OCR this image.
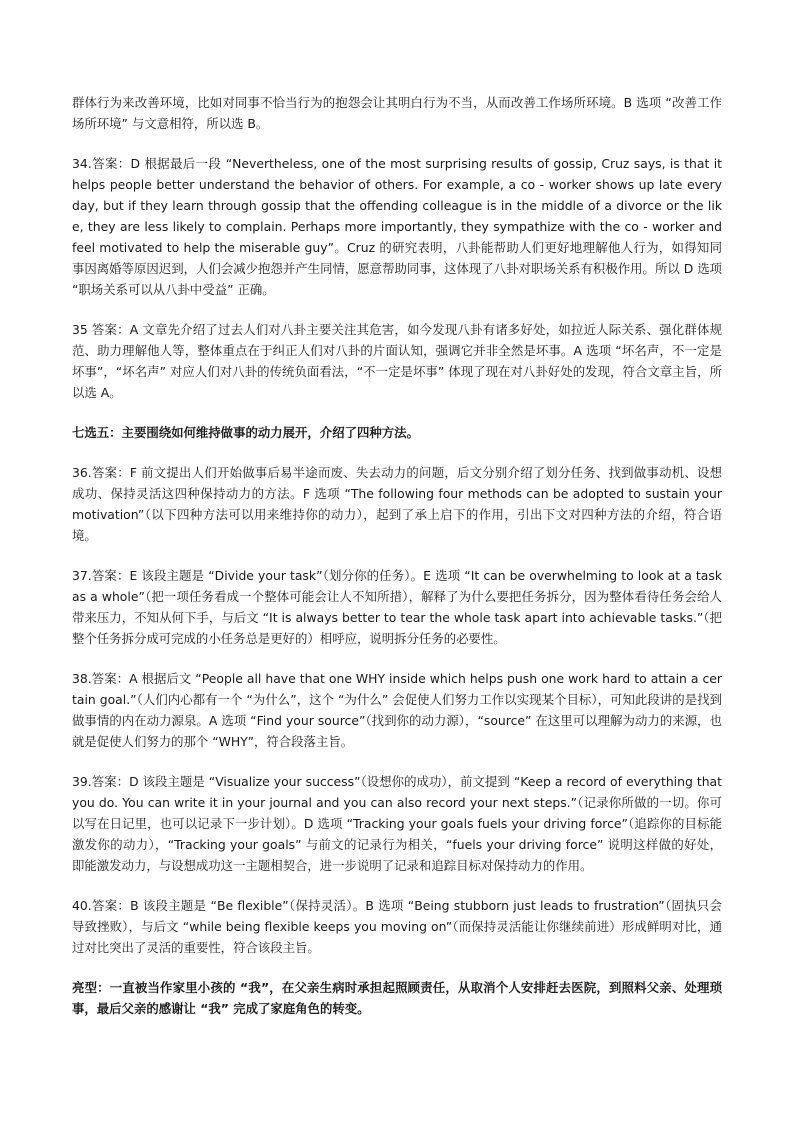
群体行为来改善环境，比如对同事不恰当行为的抱怨会让其明白行为不当，从而改善工作场所环境。B 选项 “改善工作场所环境” 与文意相符，所以选 B。

34.答案：D 根据最后一段 “Nevertheless, one of the most surprising results of gossip, Cruz says, is that it helps people better understand the behavior of others. For example, a co - worker shows up late every day, but if they learn through gossip that the offending colleague is in the middle of a divorce or the like, they are less likely to complain. Perhaps more importantly, they sympathize with the co - worker and feel motivated to help the miserable guy”。Cruz 的研究表明，八卦能帮助人们更好地理解他人行为，如得知同事因离婚等原因迟到，人们会减少抱怨并产生同情，愿意帮助同事，这体现了八卦对职场关系有积极作用。所以 D 选项 “职场关系可以从八卦中受益” 正确。

35 答案：A 文章先介绍了过去人们对八卦主要关注其危害，如今发现八卦有诸多好处，如拉近人际关系、强化群体规范、助力理解他人等，整体重点在于纠正人们对八卦的片面认知，强调它并非全然是坏事。A 选项 “坏名声，不一定是坏事”，“坏名声” 对应人们对八卦的传统负面看法，“不一定是坏事” 体现了现在对八卦好处的发现，符合文章主旨，所以选 A。

七选五：主要围绕如何维持做事的动力展开，介绍了四种方法。

36.答案：F 前文提出人们开始做事后易半途而废、失去动力的问题，后文分别介绍了划分任务、找到做事动机、设想成功、保持灵活这四种保持动力的方法。F 选项 “The following four methods can be adopted to sustain your motivation”（以下四种方法可以用来维持你的动力），起到了承上启下的作用，引出下文对四种方法的介绍，符合语境。

37.答案：E 该段主题是 “Divide your task”（划分你的任务）。E 选项 “It can be overwhelming to look at a task as a whole”（把一项任务看成一个整体可能会让人不知所措），解释了为什么要把任务拆分，因为整体看待任务会给人带来压力，不知从何下手，与后文 “It is always better to tear the whole task apart into achievable tasks.”（把整个任务拆分成可完成的小任务总是更好的）相呼应，说明拆分任务的必要性。

38.答案：A 根据后文 “People all have that one WHY inside which helps push one work hard to attain a certain goal.”（人们内心都有一个 “为什么”，这个 “为什么” 会促使人们努力工作以实现某个目标），可知此段讲的是找到做事情的内在动力源泉。A 选项 “Find your source”（找到你的动力源），“source” 在这里可以理解为动力的来源，也就是促使人们努力的那个 “WHY”，符合段落主旨。

39.答案：D 该段主题是 “Visualize your success”（设想你的成功），前文提到 “Keep a record of everything that you do. You can write it in your journal and you can also record your next steps.”（记录你所做的一切。你可以写在日记里，也可以记录下一步计划）。D 选项 “Tracking your goals fuels your driving force”（追踪你的目标能激发你的动力），“Tracking your goals” 与前文的记录行为相关，“fuels your driving force” 说明这样做的好处，即能激发动力，与设想成功这一主题相契合，进一步说明了记录和追踪目标对保持动力的作用。

40.答案：B 该段主题是 “Be flexible”（保持灵活）。B 选项 “Being stubborn just leads to frustration”（固执只会导致挫败），与后文 “while being flexible keeps you moving on”（而保持灵活能让你继续前进）形成鲜明对比，通过对比突出了灵活的重要性，符合该段主旨。

亮型：一直被当作家里小孩的 “我”，在父亲生病时承担起照顾责任，从取消个人安排赶去医院，到照料父亲、处理琐事，最后父亲的感谢让 “我” 完成了家庭角色的转变。
